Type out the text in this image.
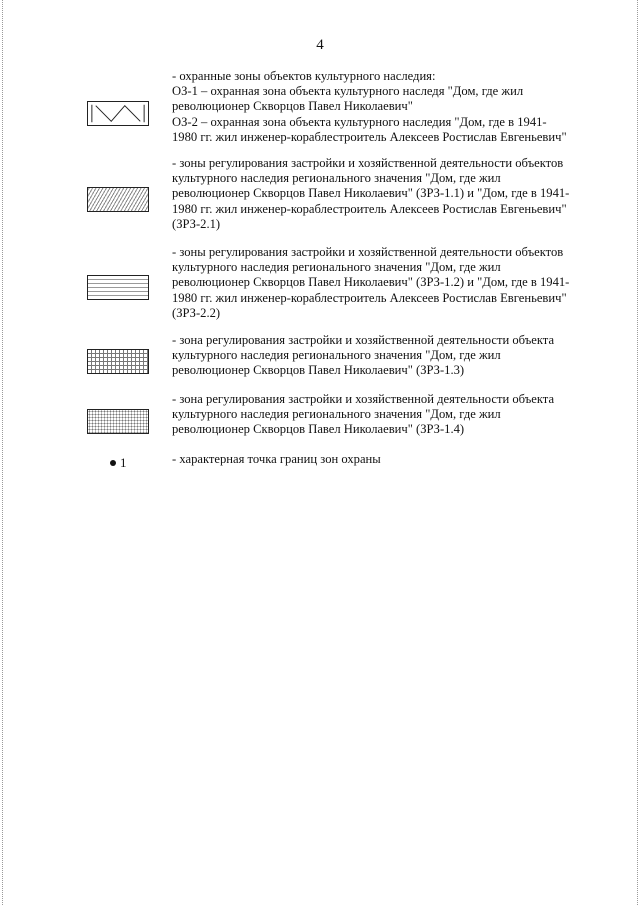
4
- охранные зоны объектов культурного наследия:
ОЗ-1 – охранная зона объекта культурного наследя "Дом, где жил
революционер Скворцов Павел Николаевич"
ОЗ-2 – охранная зона объекта культурного наследия "Дом, где в 1941-
1980 гг. жил инженер-кораблестроитель Алексеев Ростислав Евгеньевич"
- зоны регулирования застройки и хозяйственной деятельности объектов
культурного наследия регионального значения "Дом, где жил
революционер Скворцов Павел Николаевич" (ЗРЗ-1.1) и "Дом, где в 1941-
1980 гг. жил инженер-кораблестроитель Алексеев Ростислав Евгеньевич"
(ЗРЗ-2.1)
- зоны регулирования застройки и хозяйственной деятельности объектов
культурного наследия регионального значения "Дом, где жил
революционер Скворцов Павел Николаевич" (ЗРЗ-1.2) и "Дом, где в 1941-
1980 гг. жил инженер-кораблестроитель Алексеев Ростислав Евгеньевич"
(ЗРЗ-2.2)
- зона регулирования застройки и хозяйственной деятельности объекта
культурного наследия регионального значения "Дом, где жил
революционер Скворцов Павел Николаевич" (ЗРЗ-1.3)
- зона регулирования застройки и хозяйственной деятельности объекта
культурного наследия регионального значения "Дом, где жил
революционер Скворцов Павел Николаевич" (ЗРЗ-1.4)
1	- характерная точка границ зон охраны
